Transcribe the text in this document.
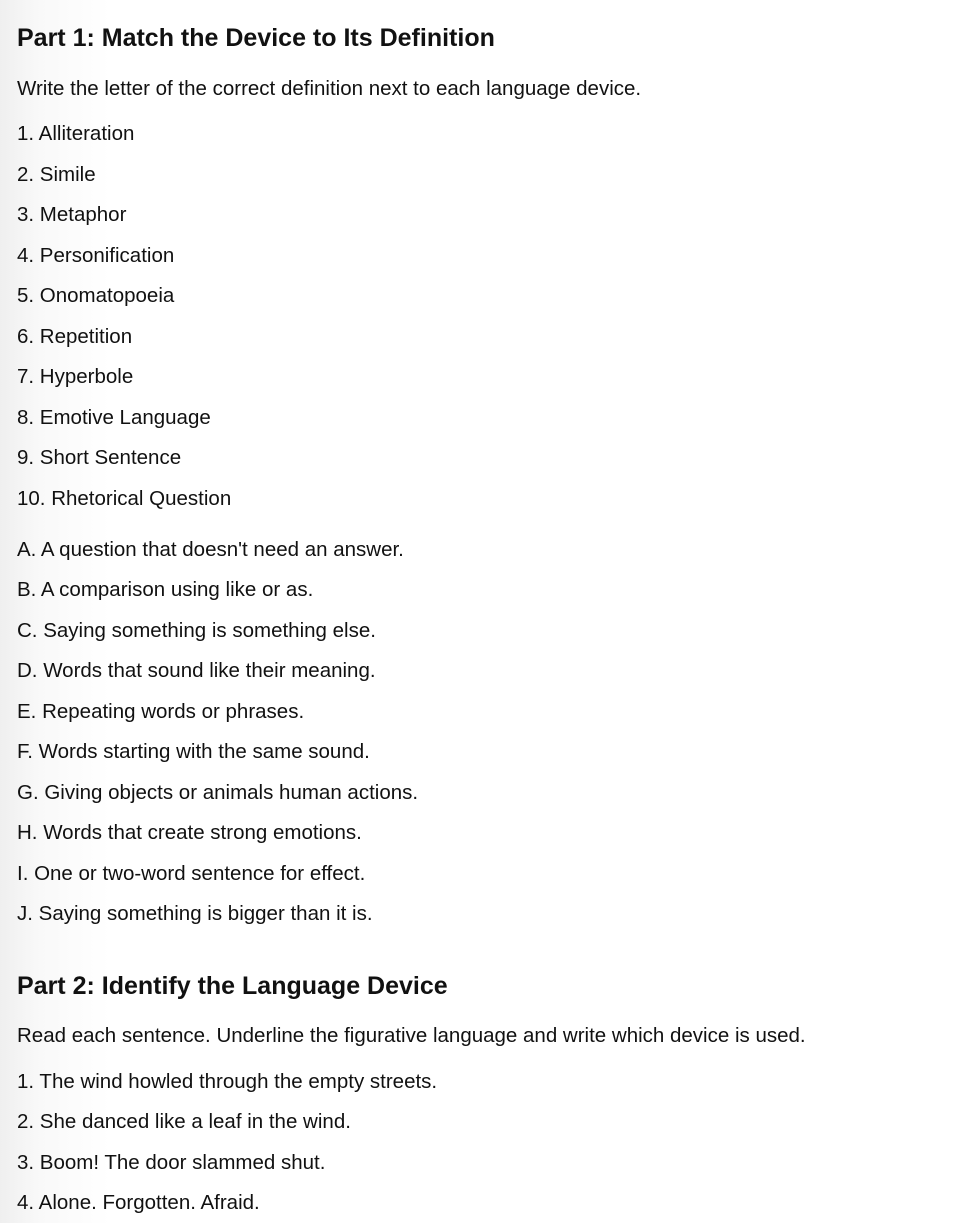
Part 1: Match the Device to Its Definition

Write the letter of the correct definition next to each language device.

1. Alliteration

2. Simile

3. Metaphor

4. Personification

5. Onomatopoeia

6. Repetition

7. Hyperbole

8. Emotive Language

9. Short Sentence

10. Rhetorical Question

A. A question that doesn't need an answer.

B. A comparison using like or as.

C. Saying something is something else.

D. Words that sound like their meaning.

E. Repeating words or phrases.

F. Words starting with the same sound.

G. Giving objects or animals human actions.

H. Words that create strong emotions.

I. One or two-word sentence for effect.

J. Saying something is bigger than it is.

Part 2: Identify the Language Device

Read each sentence. Underline the figurative language and write which device is used.

1. The wind howled through the empty streets.

2. She danced like a leaf in the wind.

3. Boom! The door slammed shut.

4. Alone. Forgotten. Afraid.
